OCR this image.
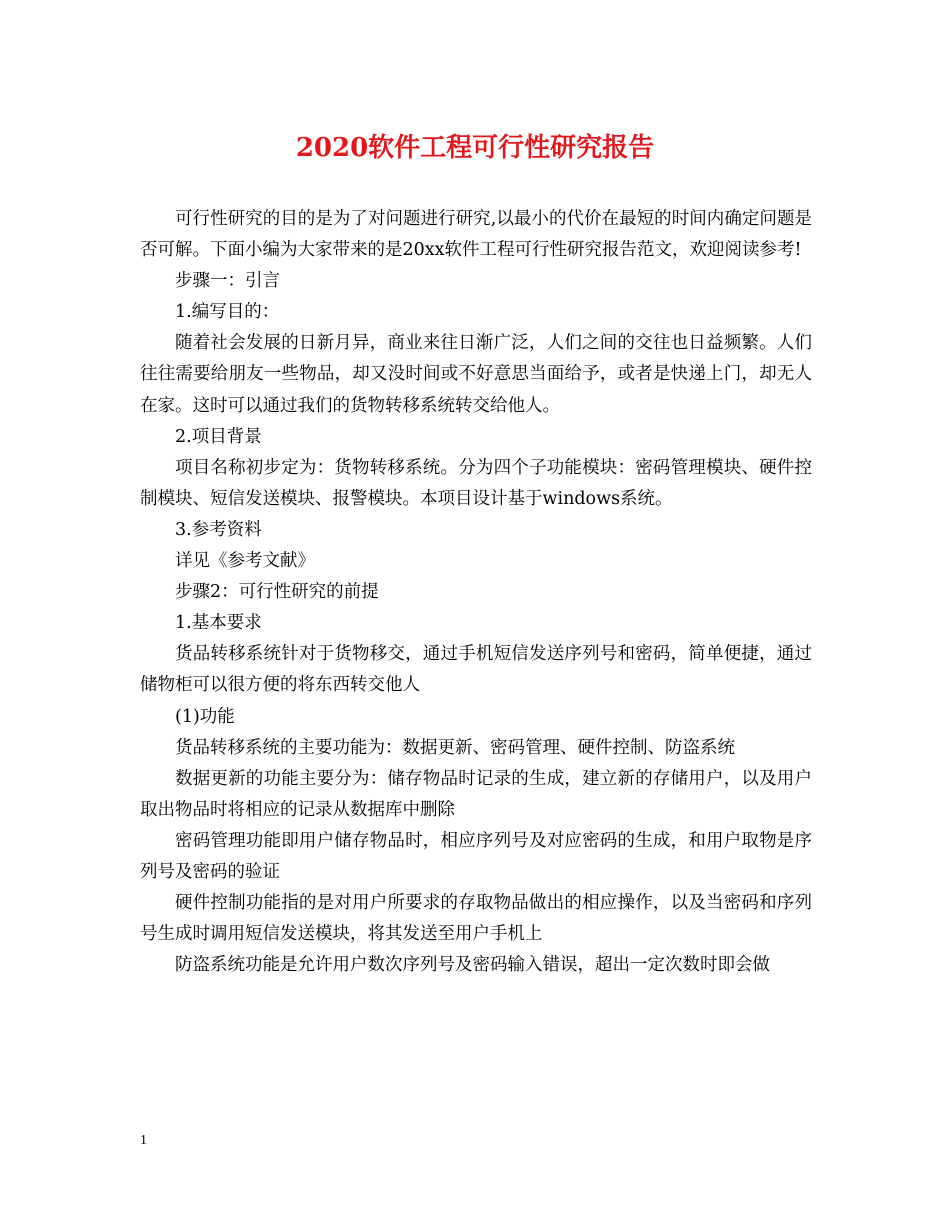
2020软件工程可行性研究报告

可行性研究的目的是为了对问题进行研究,以最小的代价在最短的时间内确定问题是否可解。下面小编为大家带来的是20xx软件工程可行性研究报告范文，欢迎阅读参考!

步骤一：引言

1.编写目的：

随着社会发展的日新月异，商业来往日渐广泛，人们之间的交往也日益频繁。人们往往需要给朋友一些物品，却又没时间或不好意思当面给予，或者是快递上门，却无人在家。这时可以通过我们的货物转移系统转交给他人。

2.项目背景

项目名称初步定为：货物转移系统。分为四个子功能模块：密码管理模块、硬件控制模块、短信发送模块、报警模块。本项目设计基于windows系统。

3.参考资料

详见《参考文献》

步骤2：可行性研究的前提

1.基本要求

货品转移系统针对于货物移交，通过手机短信发送序列号和密码，简单便捷，通过储物柜可以很方便的将东西转交他人

(1)功能

货品转移系统的主要功能为：数据更新、密码管理、硬件控制、防盗系统

数据更新的功能主要分为：储存物品时记录的生成，建立新的存储用户，以及用户取出物品时将相应的记录从数据库中删除

密码管理功能即用户储存物品时，相应序列号及对应密码的生成，和用户取物是序列号及密码的验证

硬件控制功能指的是对用户所要求的存取物品做出的相应操作，以及当密码和序列号生成时调用短信发送模块，将其发送至用户手机上

防盗系统功能是允许用户数次序列号及密码输入错误，超出一定次数时即会做

1
